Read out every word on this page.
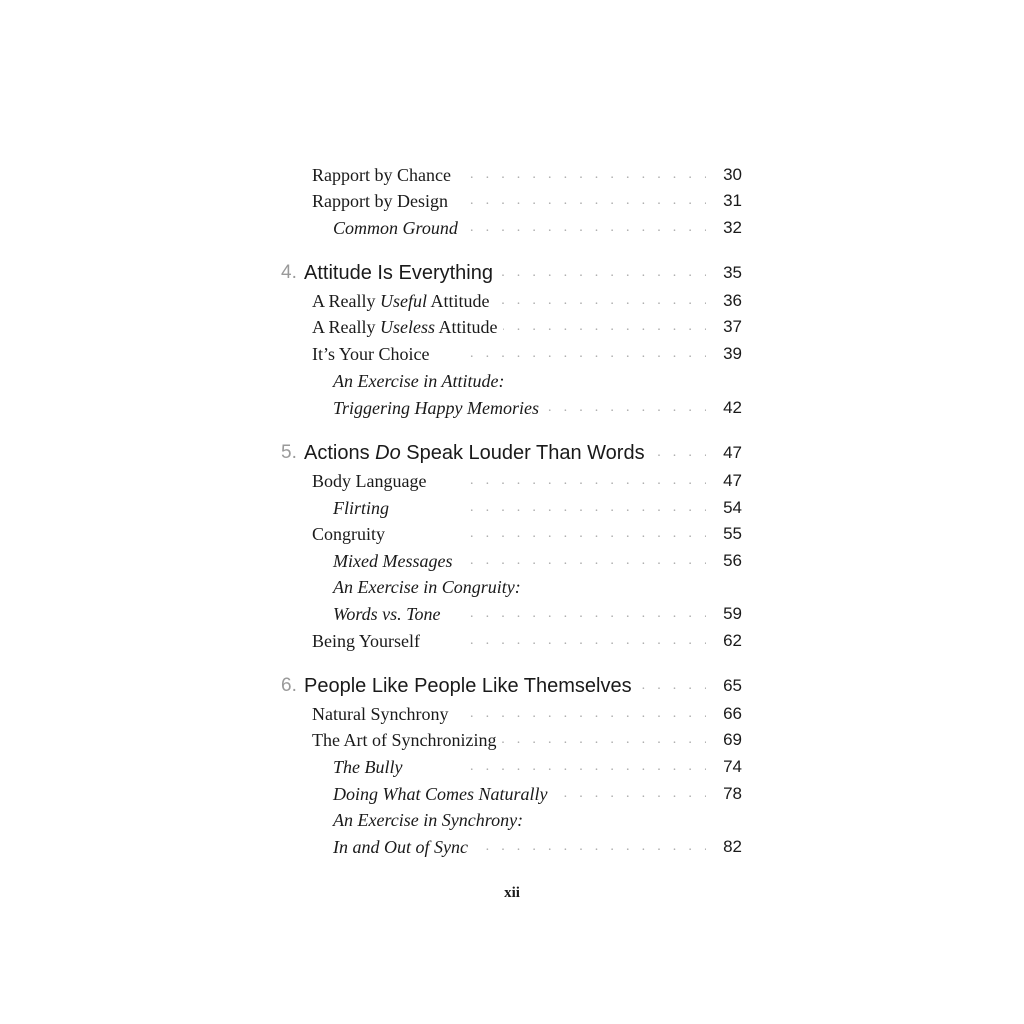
Rapport by Chance . . .	30
Rapport by Design . . .	31
Common Ground . . .	32
4. Attitude Is Everything . . .	35
A Really Useful Attitude . . .	36
A Really Useless Attitude . . .	37
It’s Your Choice . . .	39
An Exercise in Attitude:
Triggering Happy Memories . . .	42
5. Actions Do Speak Louder Than Words . . .	47
Body Language . . .	47
Flirting . . .	54
Congruity . . .	55
Mixed Messages . . .	56
An Exercise in Congruity:
Words vs. Tone . . .	59
Being Yourself . . .	62
6. People Like People Like Themselves . . .	65
Natural Synchrony . . .	66
The Art of Synchronizing . . .	69
The Bully . . .	74
Doing What Comes Naturally . . .	78
An Exercise in Synchrony:
In and Out of Sync . . .	82
xii
